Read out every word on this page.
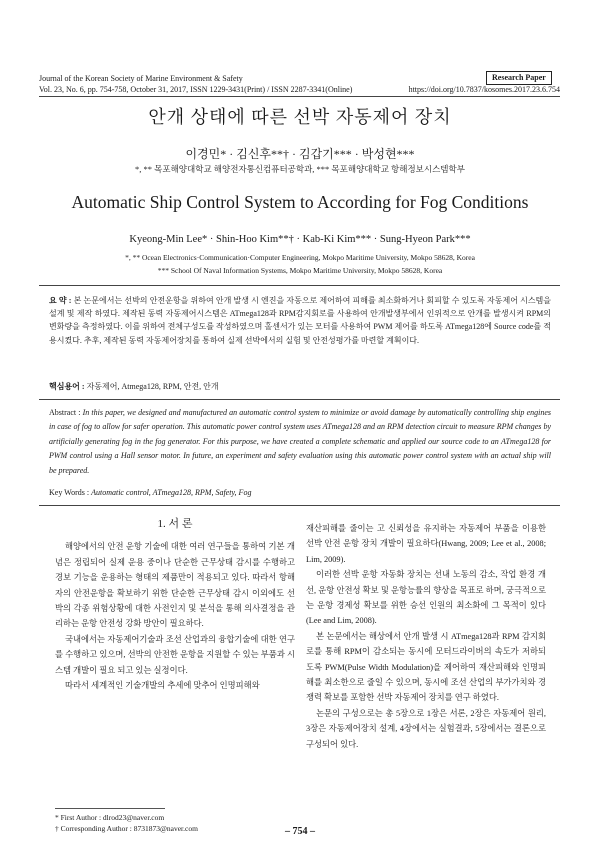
Journal of the Korean Society of Marine Environment & Safety
Vol. 23, No. 6, pp. 754-758, October 31, 2017, ISSN 1229-3431(Print) / ISSN 2287-3341(Online)
Research Paper
https://doi.org/10.7837/kosomes.2017.23.6.754
안개 상태에 따른 선박 자동제어 장치
이경민* · 김신후**† · 김갑기*** · 박성현***
*, ** 목포해양대학교 해양전자통신컴퓨터공학과, *** 목포해양대학교 항해정보시스템학부
Automatic Ship Control System to According for Fog Conditions
Kyeong-Min Lee* · Shin-Hoo Kim**† · Kab-Ki Kim*** · Sung-Hyeon Park***
*, ** Ocean Electronics·Communication·Computer Engineering, Mokpo Maritime University, Mokpo 58628, Korea
*** School Of Naval Information Systems, Mokpo Maritime University, Mokpo 58628, Korea
요 약 : 본 논문에서는 선박의 안전운항을 위하여 안개 발생 시 엔진을 자동으로 제어하여 피해를 최소화하거나 회피할 수 있도록 자동제어 시스템을 설계 및 제작 하였다. 제작된 동력 자동제어시스템은 ATmega128과 RPM감지회로를 사용하여 안개발생부에서 인위적으로 안개를 발생시켜 RPM의 변화량을 측정하였다. 이를 위하여 전체구성도를 작성하였으며 홀센서가 있는 모터를 사용하여 PWM 제어를 하도록 ATmega128에 Source code를 적용시켰다. 추후, 제작된 동력 자동제어장치를 통하여 실제 선박에서의 실험 및 안전성평가를 마련할 계획이다.
핵심용어 : 자동제어, Atmega128, RPM, 안전, 안개
Abstract : In this paper, we designed and manufactured an automatic control system to minimize or avoid damage by automatically controlling ship engines in case of fog to allow for safer operation. This automatic power control system uses ATmega128 and an RPM detection circuit to measure RPM changes by artificially generating fog in the fog generator. For this purpose, we have created a complete schematic and applied our source code to an ATmega128 for PWM control using a Hall sensor motor. In future, an experiment and safety evaluation using this automatic power control system with an actual ship will be prepared.
Key Words : Automatic control, ATmega128, RPM, Safety, Fog
1. 서 론

해양에서의 안전 운항 기술에 대한 여러 연구들을 통하여 기본 개념은 정립되어 실제 운용 중이나 단순한 근무상태 감시를 수행하고 경보 기능을 운용하는 형태의 제품만이 적용되고 있다. 따라서 항해자의 안전운항을 확보하기 위한 단순한 근무상태 감시 이외에도 선박의 각종 위험상황에 대한 사전인지 및 분석을 통해 의사결정을 관리하는 운항 안전성 강화 방안이 필요하다.

국내에서는 자동제어기술과 조선 산업과의 융합기술에 대한 연구를 수행하고 있으며, 선박의 안전한 운항을 지원할 수 있는 부품과 시스템 개발이 필요 되고 있는 실정이다.

따라서 세계적인 기술개발의 추세에 맞추어 인명피해와

재산피해를 줄이는 고 신뢰성을 유지하는 자동제어 부품을 이용한 선박 안전 운항 장치 개발이 필요하다(Hwang, 2009; Lee et al., 2008; Lim, 2009).

이러한 선박 운항 자동화 장치는 선내 노동의 감소, 작업 환경 개선, 운항 안전성 확보 및 운항능률의 향상을 목표로 하며, 궁극적으로는 운항 경제성 확보를 위한 승선 인원의 최소화에 그 목적이 있다(Lee and Lim, 2008).

본 논문에서는 해상에서 안개 발생 시 ATmega128과 RPM 감지회로를 통해 RPM이 감소되는 동시에 모터드라이버의 속도가 저하되도록 PWM(Pulse Width Modulation)을 제어하여 재산피해와 인명피해를 최소한으로 줄일 수 있으며, 동시에 조선 산업의 부가가치와 경쟁력 확보를 포함한 선박 자동제어 장치를 연구 하였다.

논문의 구성으로는 총 5장으로 1장은 서론, 2장은 자동제어 원리, 3장은 자동제어장치 설계, 4장에서는 실험결과, 5장에서는 결론으로 구성되어 있다.

* First Author : dlrod23@naver.com
† Corresponding Author : 8731873@naver.com	– 754 –
